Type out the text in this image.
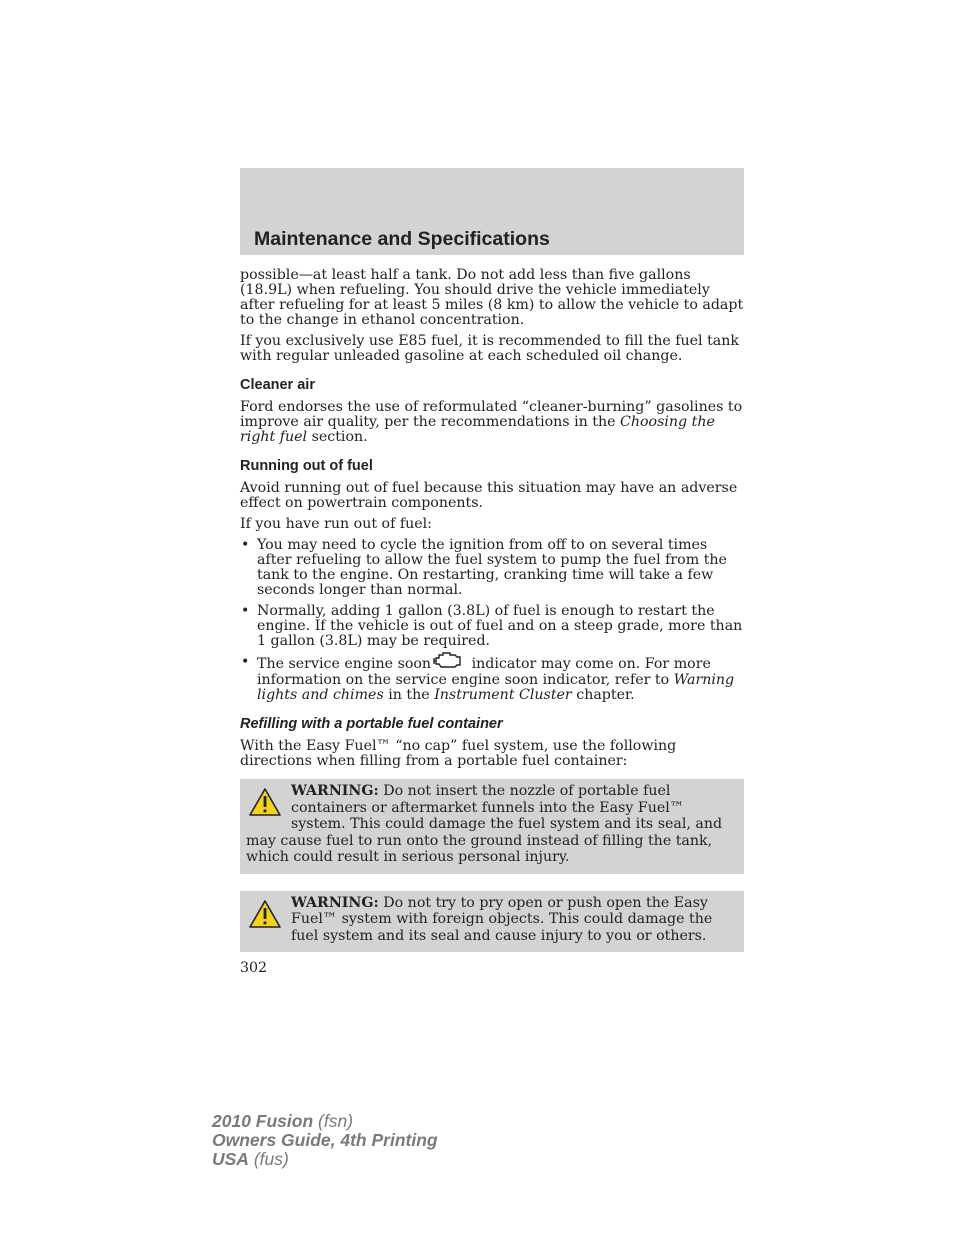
Maintenance and Specifications

possible—at least half a tank. Do not add less than five gallons (18.9L) when refueling. You should drive the vehicle immediately after refueling for at least 5 miles (8 km) to allow the vehicle to adapt to the change in ethanol concentration.

If you exclusively use E85 fuel, it is recommended to fill the fuel tank with regular unleaded gasoline at each scheduled oil change.

Cleaner air

Ford endorses the use of reformulated “cleaner-burning” gasolines to improve air quality, per the recommendations in the Choosing the right fuel section.

Running out of fuel

Avoid running out of fuel because this situation may have an adverse effect on powertrain components.

If you have run out of fuel:

• You may need to cycle the ignition from off to on several times after refueling to allow the fuel system to pump the fuel from the tank to the engine. On restarting, cranking time will take a few seconds longer than normal.
• Normally, adding 1 gallon (3.8L) of fuel is enough to restart the engine. If the vehicle is out of fuel and on a steep grade, more than 1 gallon (3.8L) may be required.
• The service engine soon	indicator may come on. For more information on the service engine soon indicator, refer to Warning lights and chimes in the Instrument Cluster chapter.
Refilling with a portable fuel container

With the Easy Fuel™ “no cap” fuel system, use the following directions when filling from a portable fuel container:

WARNING: Do not insert the nozzle of portable fuel containers or aftermarket funnels into the Easy Fuel™ system. This could damage the fuel system and its seal, and may cause fuel to run onto the ground instead of filling the tank, which could result in serious personal injury.
WARNING: Do not try to pry open or push open the Easy Fuel™ system with foreign objects. This could damage the fuel system and its seal and cause injury to you or others.
302
2010 Fusion (fsn)
Owners Guide, 4th Printing
USA (fus)
